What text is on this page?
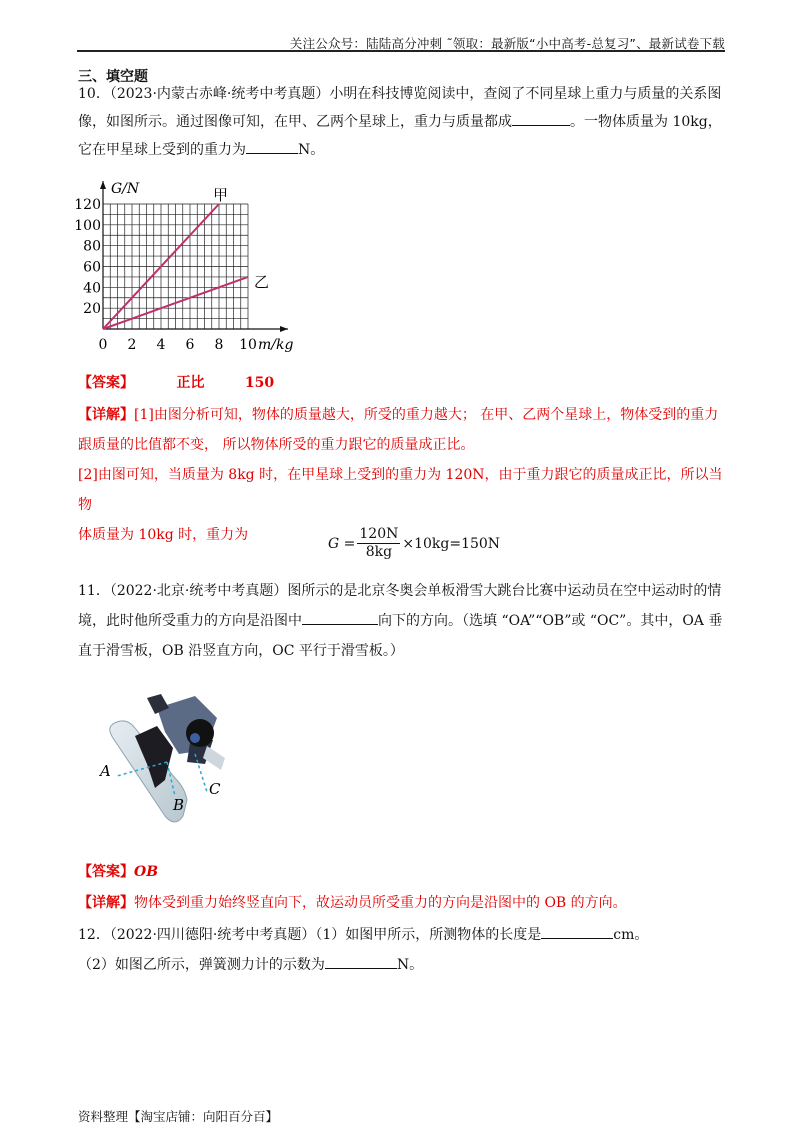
关注公众号：陆陆高分冲刺 ˜领取：最新版“小中高考-总复习”、最新试卷下载
三、填空题
10．（2023·内蒙古赤峰·统考中考真题）小明在科技博览阅读中，查阅了不同星球上重力与质量的关系图
像，如图所示。通过图像可知，在甲、乙两个星球上，重力与质量都成	。一物体质量为 10kg，
它在甲星球上受到的重力为	N。
G/N
m/kg
0 2 4 6 8 10
20
40
60
80
100
120
甲
乙
【答案】	正比	150
【详解】[1]由图分析可知，物体的质量越大，所受的重力越大； 在甲、乙两个星球上，物体受到的重力
跟质量的比值都不变， 所以物体所受的重力跟它的质量成正比。
[2]由图可知，当质量为 8kg 时，在甲星球上受到的重力为 120N，由于重力跟它的质量成正比，所以当物
体质量为 10kg 时，重力为
$G = \frac{120N}{8kg} \times 10kg=150N$
11．（2022·北京·统考中考真题）图所示的是北京冬奥会单板滑雪大跳台比赛中运动员在空中运动时的情
境，此时他所受重力的方向是沿图中	向下的方向。（选填 “OA”“OB”或 “OC”。其中，OA 垂
直于滑雪板，OB 沿竖直方向，OC 平行于滑雪板。）
A
B
C
【答案】OB
【详解】物体受到重力始终竖直向下，故运动员所受重力的方向是沿图中的 OB 的方向。
12．（2022·四川德阳·统考中考真题）（1）如图甲所示，所测物体的长度是	cm。
（2）如图乙所示，弹簧测力计的示数为	N。
资料整理【淘宝店铺：向阳百分百】
